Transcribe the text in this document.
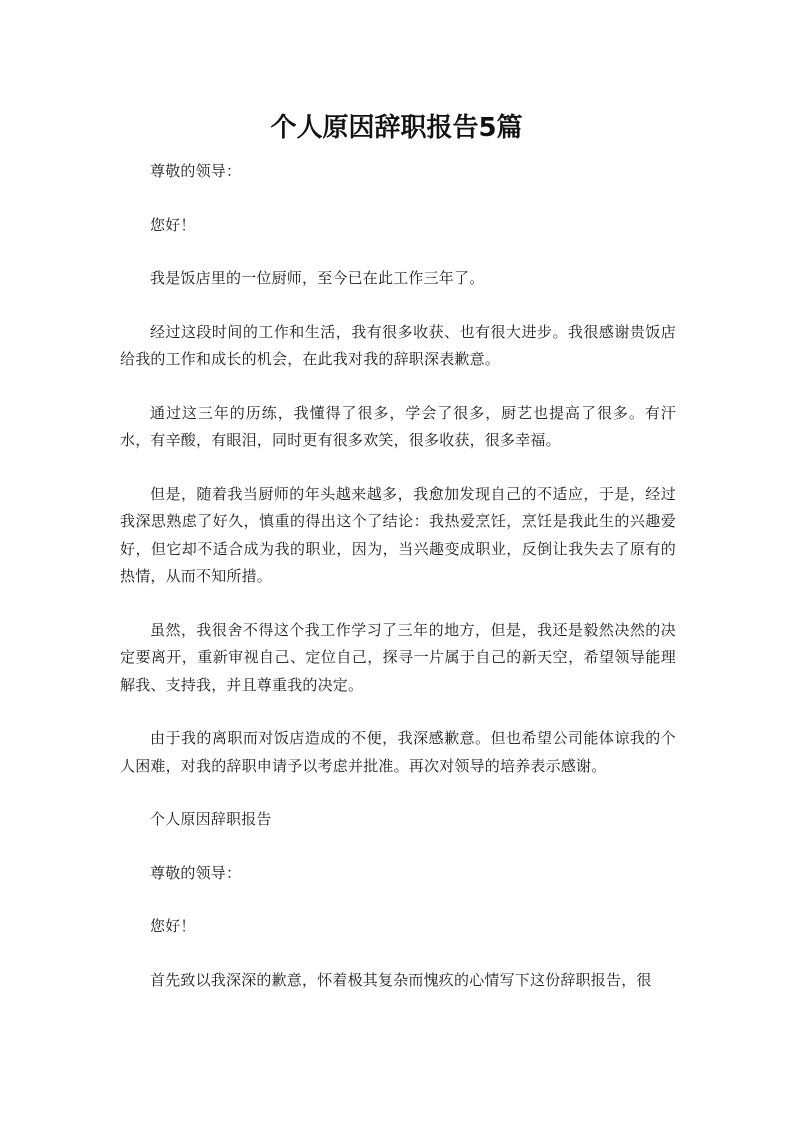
个人原因辞职报告5篇

尊敬的领导：

您好！

我是饭店里的一位厨师，至今已在此工作三年了。

经过这段时间的工作和生活，我有很多收获、也有很大进步。我很感谢贵饭店给我的工作和成长的机会，在此我对我的辞职深表歉意。

通过这三年的历练，我懂得了很多，学会了很多，厨艺也提高了很多。有汗水，有辛酸，有眼泪，同时更有很多欢笑，很多收获，很多幸福。

但是，随着我当厨师的年头越来越多，我愈加发现自己的不适应，于是，经过我深思熟虑了好久，慎重的得出这个了结论：我热爱烹饪，烹饪是我此生的兴趣爱好，但它却不适合成为我的职业，因为，当兴趣变成职业，反倒让我失去了原有的热情，从而不知所措。

虽然，我很舍不得这个我工作学习了三年的地方，但是，我还是毅然决然的决定要离开，重新审视自己、定位自己，探寻一片属于自己的新天空，希望领导能理解我、支持我，并且尊重我的决定。

由于我的离职而对饭店造成的不便，我深感歉意。但也希望公司能体谅我的个人困难，对我的辞职申请予以考虑并批准。再次对领导的培养表示感谢。

个人原因辞职报告

尊敬的领导：

您好！

首先致以我深深的歉意，怀着极其复杂而愧疚的心情写下这份辞职报告，很
